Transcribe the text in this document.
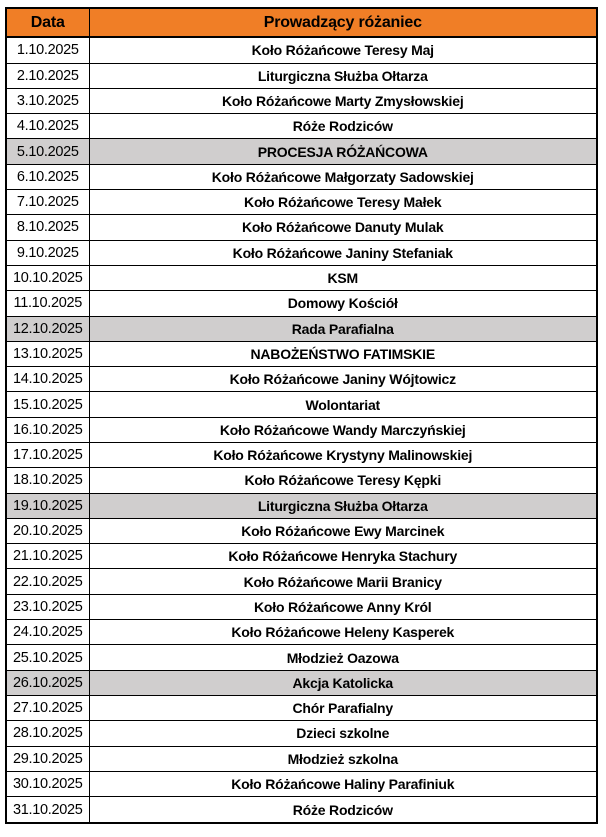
Data	Prowadzący różaniec
1.10.2025	Koło Różańcowe Teresy Maj
2.10.2025	Liturgiczna Służba Ołtarza
3.10.2025	Koło Różańcowe Marty Zmysłowskiej
4.10.2025	Róże Rodziców
5.10.2025	PROCESJA RÓŻAŃCOWA
6.10.2025	Koło Różańcowe Małgorzaty Sadowskiej
7.10.2025	Koło Różańcowe Teresy Małek
8.10.2025	Koło Różańcowe Danuty Mulak
9.10.2025	Koło Różańcowe Janiny Stefaniak
10.10.2025	KSM
11.10.2025	Domowy Kościół
12.10.2025	Rada Parafialna
13.10.2025	NABOŻEŃSTWO FATIMSKIE
14.10.2025	Koło Różańcowe Janiny Wójtowicz
15.10.2025	Wolontariat
16.10.2025	Koło Różańcowe Wandy Marczyńskiej
17.10.2025	Koło Różańcowe Krystyny Malinowskiej
18.10.2025	Koło Różańcowe Teresy Kępki
19.10.2025	Liturgiczna Służba Ołtarza
20.10.2025	Koło Różańcowe Ewy Marcinek
21.10.2025	Koło Różańcowe Henryka Stachury
22.10.2025	Koło Różańcowe Marii Branicy
23.10.2025	Koło Różańcowe Anny Król
24.10.2025	Koło Różańcowe Heleny Kasperek
25.10.2025	Młodzież Oazowa
26.10.2025	Akcja Katolicka
27.10.2025	Chór Parafialny
28.10.2025	Dzieci szkolne
29.10.2025	Młodzież szkolna
30.10.2025	Koło Różańcowe Haliny Parafiniuk
31.10.2025	Róże Rodziców
